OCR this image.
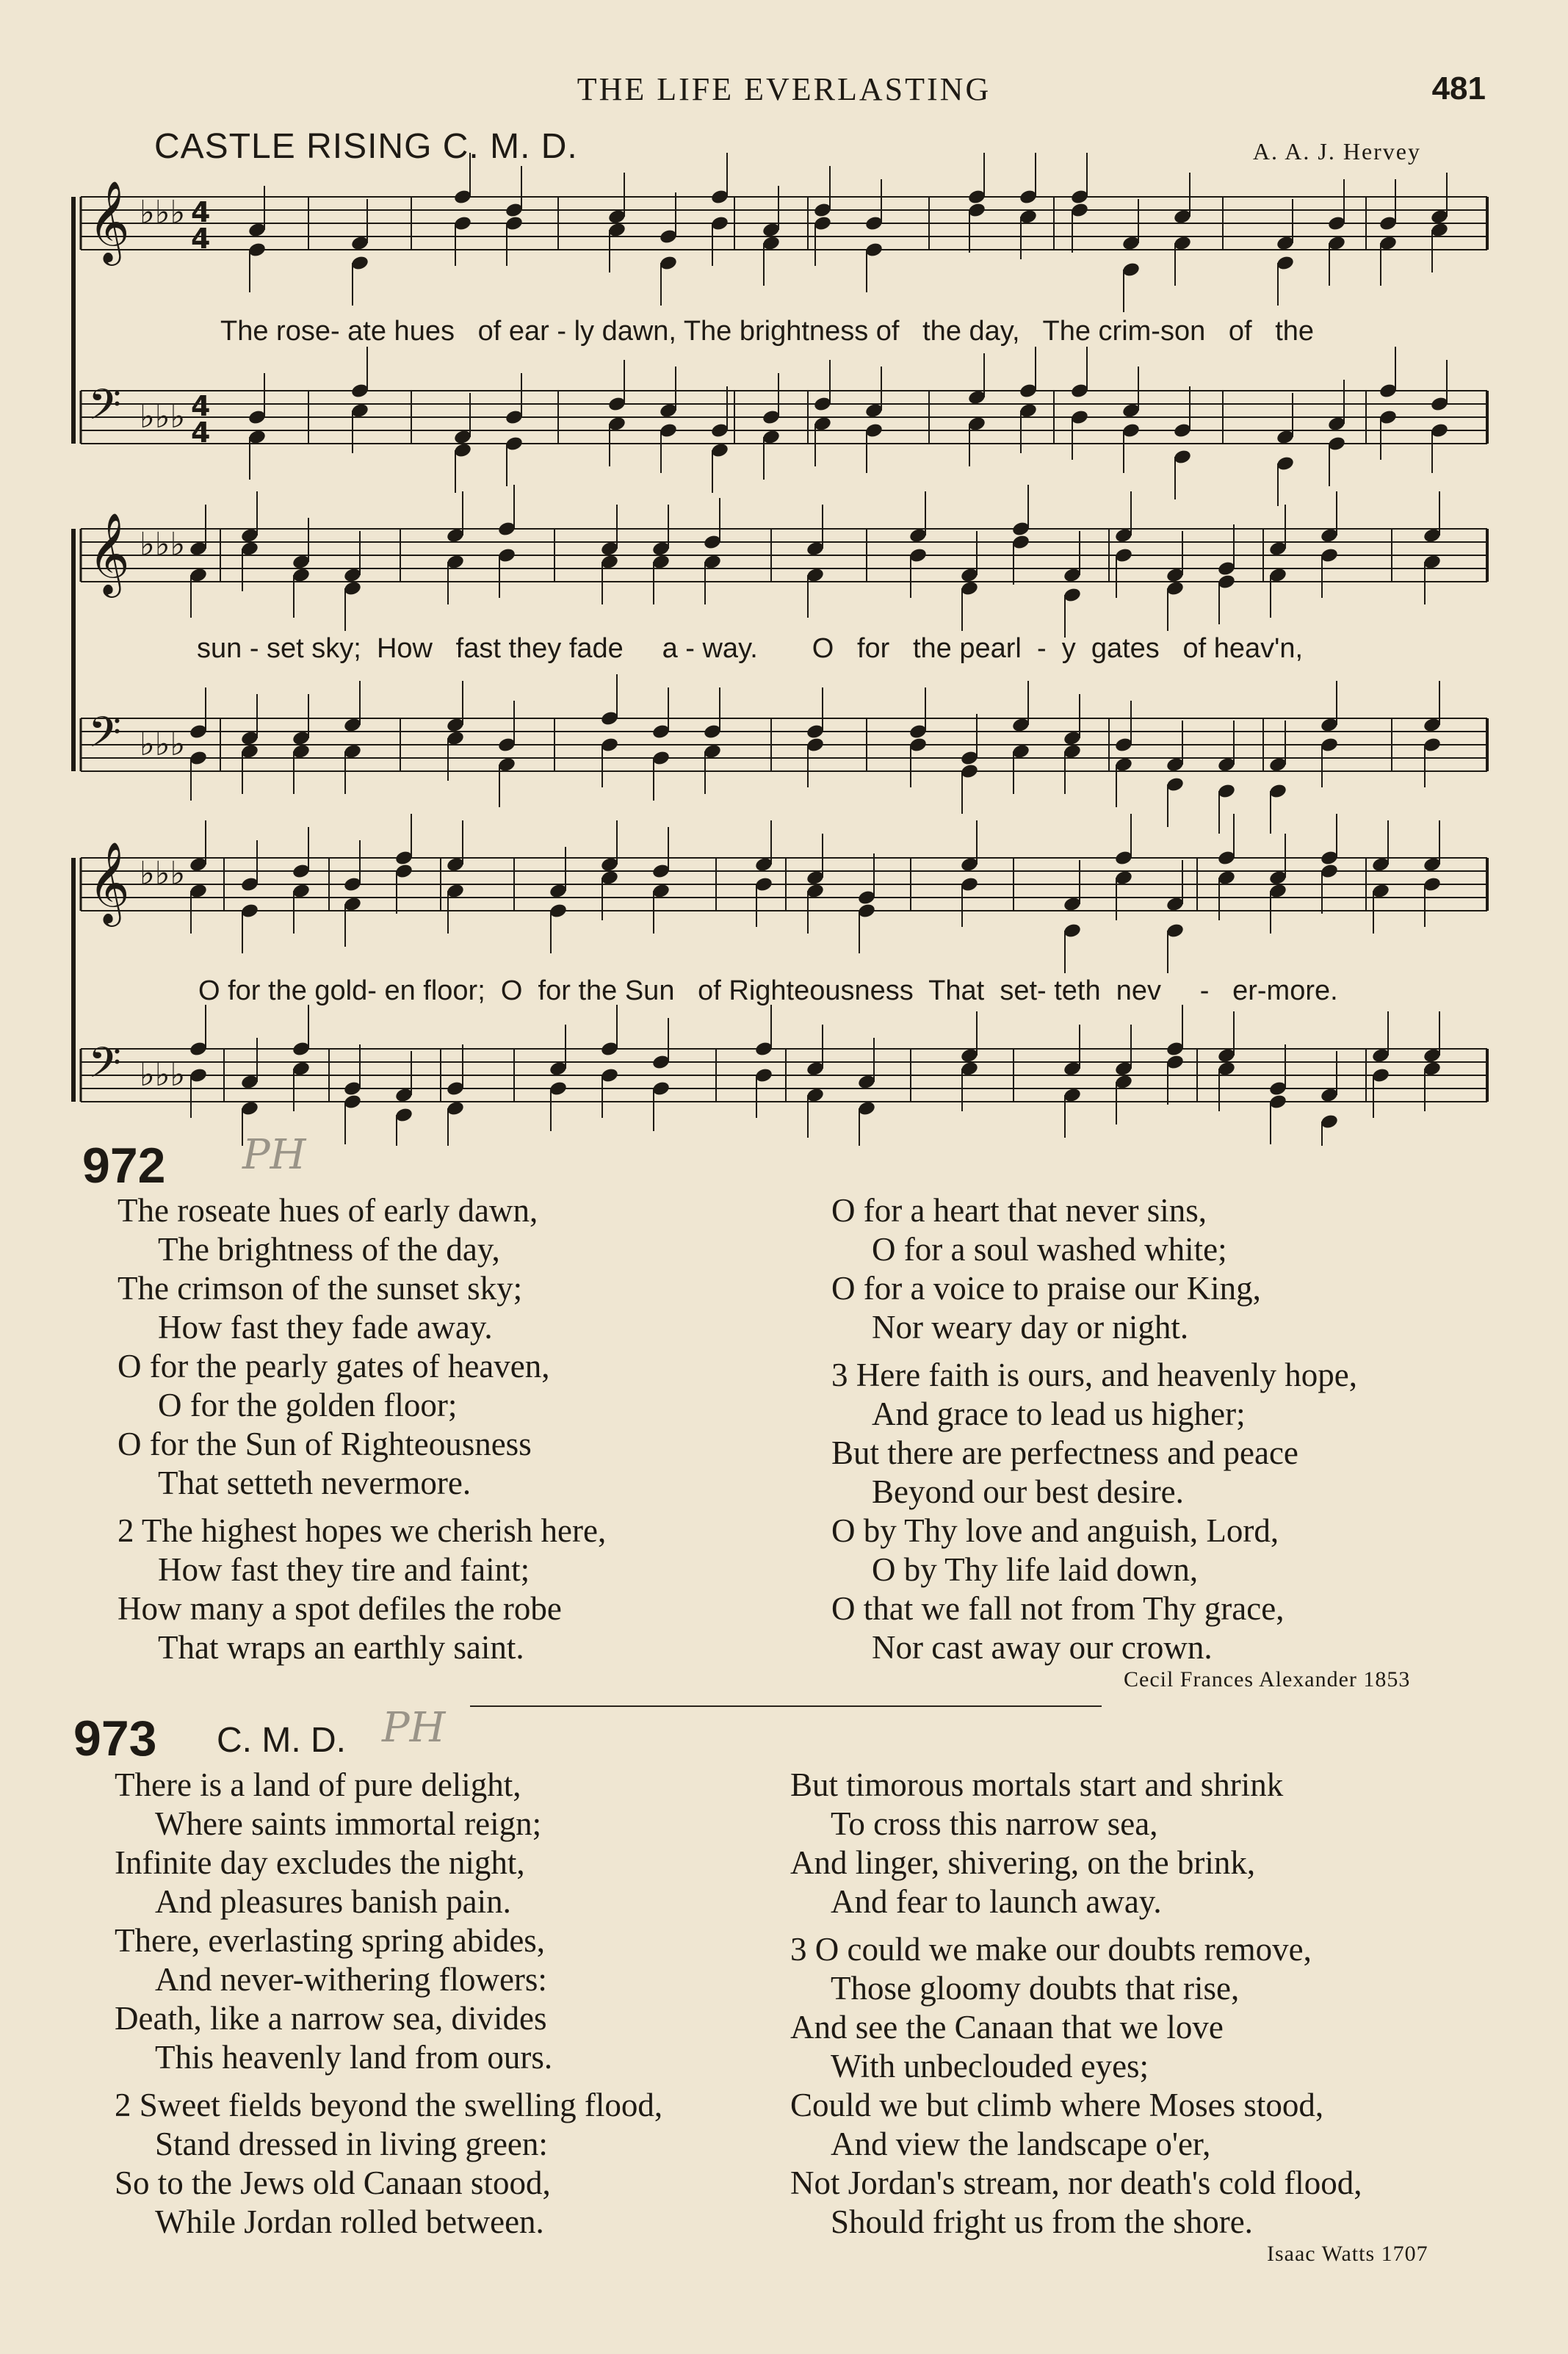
THE LIFE EVERLASTING	481
CASTLE RISING C. M. D.	A. A. J. Hervey
𝄞 ♭♭♭ 4
4
𝄢 ♭♭♭ 4
4
𝄞 ♭♭♭
𝄢 ♭♭♭
𝄞 ♭♭♭
𝄢 ♭♭♭
The rose- ate hues   of ear - ly dawn, The brightness of   the day,   The crim-son   of   the
sun - set sky;  How   fast they fade     a - way.       O   for   the pearl  -  y  gates   of heav'n,
O for the gold- en floor;  O  for the Sun   of Righteousness  That  set- teth  nev     -   er-more.
972 PH
The roseate hues of early dawn,
The brightness of the day,
The crimson of the sunset sky;
How fast they fade away.
O for the pearly gates of heaven,
O for the golden floor;
O for the Sun of Righteousness
That setteth nevermore.
2 The highest hopes we cherish here,
How fast they tire and faint;
How many a spot defiles the robe
That wraps an earthly saint.
O for a heart that never sins,
O for a soul washed white;
O for a voice to praise our King,
Nor weary day or night.
3 Here faith is ours, and heavenly hope,
And grace to lead us higher;
But there are perfectness and peace
Beyond our best desire.
O by Thy love and anguish, Lord,
O by Thy life laid down,
O that we fall not from Thy grace,
Nor cast away our crown.
Cecil Frances Alexander 1853
973 C. M. D. PH
There is a land of pure delight,
Where saints immortal reign;
Infinite day excludes the night,
And pleasures banish pain.
There, everlasting spring abides,
And never-withering flowers:
Death, like a narrow sea, divides
This heavenly land from ours.
2 Sweet fields beyond the swelling flood,
Stand dressed in living green:
So to the Jews old Canaan stood,
While Jordan rolled between.
But timorous mortals start and shrink
To cross this narrow sea,
And linger, shivering, on the brink,
And fear to launch away.
3 O could we make our doubts remove,
Those gloomy doubts that rise,
And see the Canaan that we love
With unbeclouded eyes;
Could we but climb where Moses stood,
And view the landscape o'er,
Not Jordan's stream, nor death's cold flood,
Should fright us from the shore.
Isaac Watts 1707
